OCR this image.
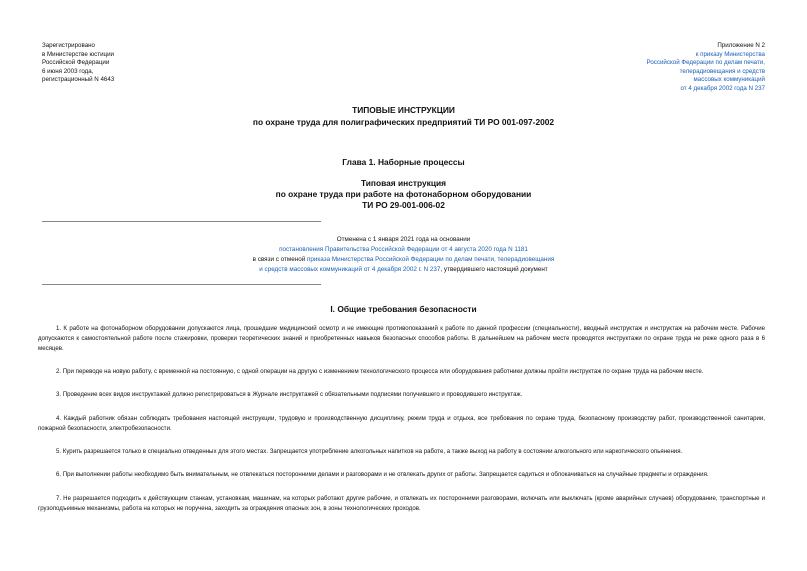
Зарегистрировано
в Министерстве юстиции
Российской Федерации
6 июня 2003 года,
регистрационный N 4643
Приложение N 2
к приказу Министерства
Российской Федерации по делам печати,
телерадиовещания и средств
массовых коммуникаций
от 4 декабря 2002 года N 237
ТИПОВЫЕ ИНСТРУКЦИИ
по охране труда для полиграфических предприятий ТИ РО 001-097-2002
Глава 1. Наборные процессы
Типовая инструкция
по охране труда при работе на фотонаборном оборудовании
ТИ РО 29-001-006-02
Отменена с 1 января 2021 года на основании
постановления Правительства Российской Федерации от 4 августа 2020 года N 1181
в связи с отменой приказа Министерства Российской Федерации по делам печати, телерадиовещания
и средств массовых коммуникаций от 4 декабря 2002 г. N 237, утвердившего настоящий документ
I. Общие требования безопасности

1. К работе на фотонаборном оборудовании допускаются лица, прошедшие медицинский осмотр и не имеющие противопоказаний к работе по данной профессии (специальности), вводный инструктаж и инструктаж на рабочем месте. Рабочие допускаются к самостоятельной работе после стажировки, проверки теоретических знаний и приобретенных навыков безопасных способов работы. В дальнейшем на рабочем месте проводятся инструктажи по охране труда не реже одного раза в 6 месяцев.

2. При переводе на новую работу, с временной на постоянную, с одной операции на другую с изменением технологического процесса или оборудования работники должны пройти инструктаж по охране труда на рабочем месте.

3. Проведение всех видов инструктажей должно регистрироваться в Журнале инструктажей с обязательными подписями получившего и проводившего инструктаж.

4. Каждый работник обязан соблюдать требования настоящей инструкции, трудовую и производственную дисциплину, режим труда и отдыха, все требования по охране труда, безопасному производству работ, производственной санитарии, пожарной безопасности, электробезопасности.

5. Курить разрешается только в специально отведенных для этого местах. Запрещается употребление алкогольных напитков на работе, а также выход на работу в состоянии алкогольного или наркотического опьянения.

6. При выполнении работы необходимо быть внимательным, не отвлекаться посторонними делами и разговорами и не отвлекать других от работы. Запрещается садиться и облокачиваться на случайные предметы и ограждения.

7. Не разрешается подходить к действующим станкам, установкам, машинам, на которых работают другие рабочие, и отвлекать их посторонними разговорами, включать или выключать (кроме аварийных случаев) оборудование, транспортные и грузоподъемные механизмы, работа на которых не поручена, заходить за ограждения опасных зон, в зоны технологических проходов.
